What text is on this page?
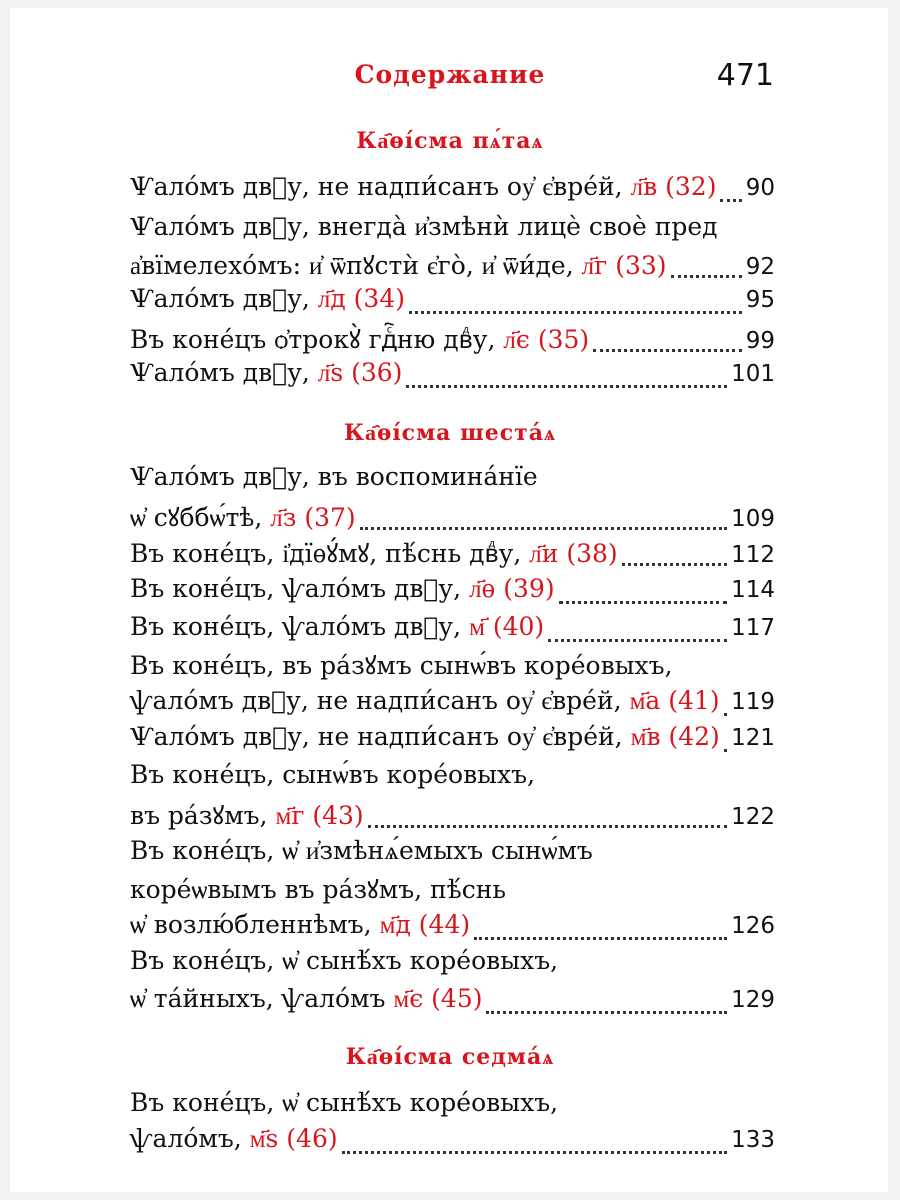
Содержание	471
Ка҄ѳі́сма пѧ́таѧ
Ѱало́мъ двⷣу, не надпи́санъ оу҆ є҆вре́й, л҃в (32) 90
Ѱало́мъ двⷣу, внегда̀ и҆змѣнѝ лицѐ своѐ пред
а҆вїмелехо́мъ: и҆ ѿпꙋстѝ є҆го̀, и҆ ѿи́де, л҃г (33)	92
Ѱало́мъ двⷣу, л҃д (34)	95
Въ коне́цъ ѻ҆трокꙋ̀ гдⷭ҇ню двⷣу, л҃є (35)	99
Ѱало́мъ двⷣу, л҃ѕ (36)	101
Ка҄ѳі́сма шеста́ѧ
Ѱало́мъ двⷣу, въ воспомина́нїе
ѡ҆ сꙋббѡ́тѣ, л҃з (37)	109
Въ коне́цъ, і҆дїѳꙋ́мꙋ, пѣ́снь двⷣу, л҃и (38)	112
Въ коне́цъ, ѱало́мъ двⷣу, л҃ѳ (39)	114
Въ коне́цъ, ѱало́мъ двⷣу, м҃ (40)	117
Въ коне́цъ, въ ра́зꙋмъ сынѡ́въ коре́овыхъ,
ѱало́мъ двⷣу, не надпи́санъ оу҆ є҆вре́й, м҃а (41) 119
Ѱало́мъ двⷣу, не надпи́санъ оу҆ є҆вре́й, м҃в (42) 121
Въ коне́цъ, сынѡ́въ коре́овыхъ,
въ ра́зꙋмъ, м҃г (43)	122
Въ коне́цъ, ѡ҆ и҆змѣнѧ́емыхъ сынѡ́мъ
коре́ѡвымъ въ ра́зꙋмъ, пѣ́снь
ѡ҆ возлю́бленнѣмъ, м҃д (44)	126
Въ коне́цъ, ѡ҆ сынѣ́хъ коре́овыхъ,
ѡ҆ та́йныхъ, ѱало́мъ м҃є (45)	129
Ка҄ѳі́сма седма́ѧ
Въ коне́цъ, ѡ҆ сынѣ́хъ коре́овыхъ,
ѱало́мъ, м҃ѕ (46)	133
